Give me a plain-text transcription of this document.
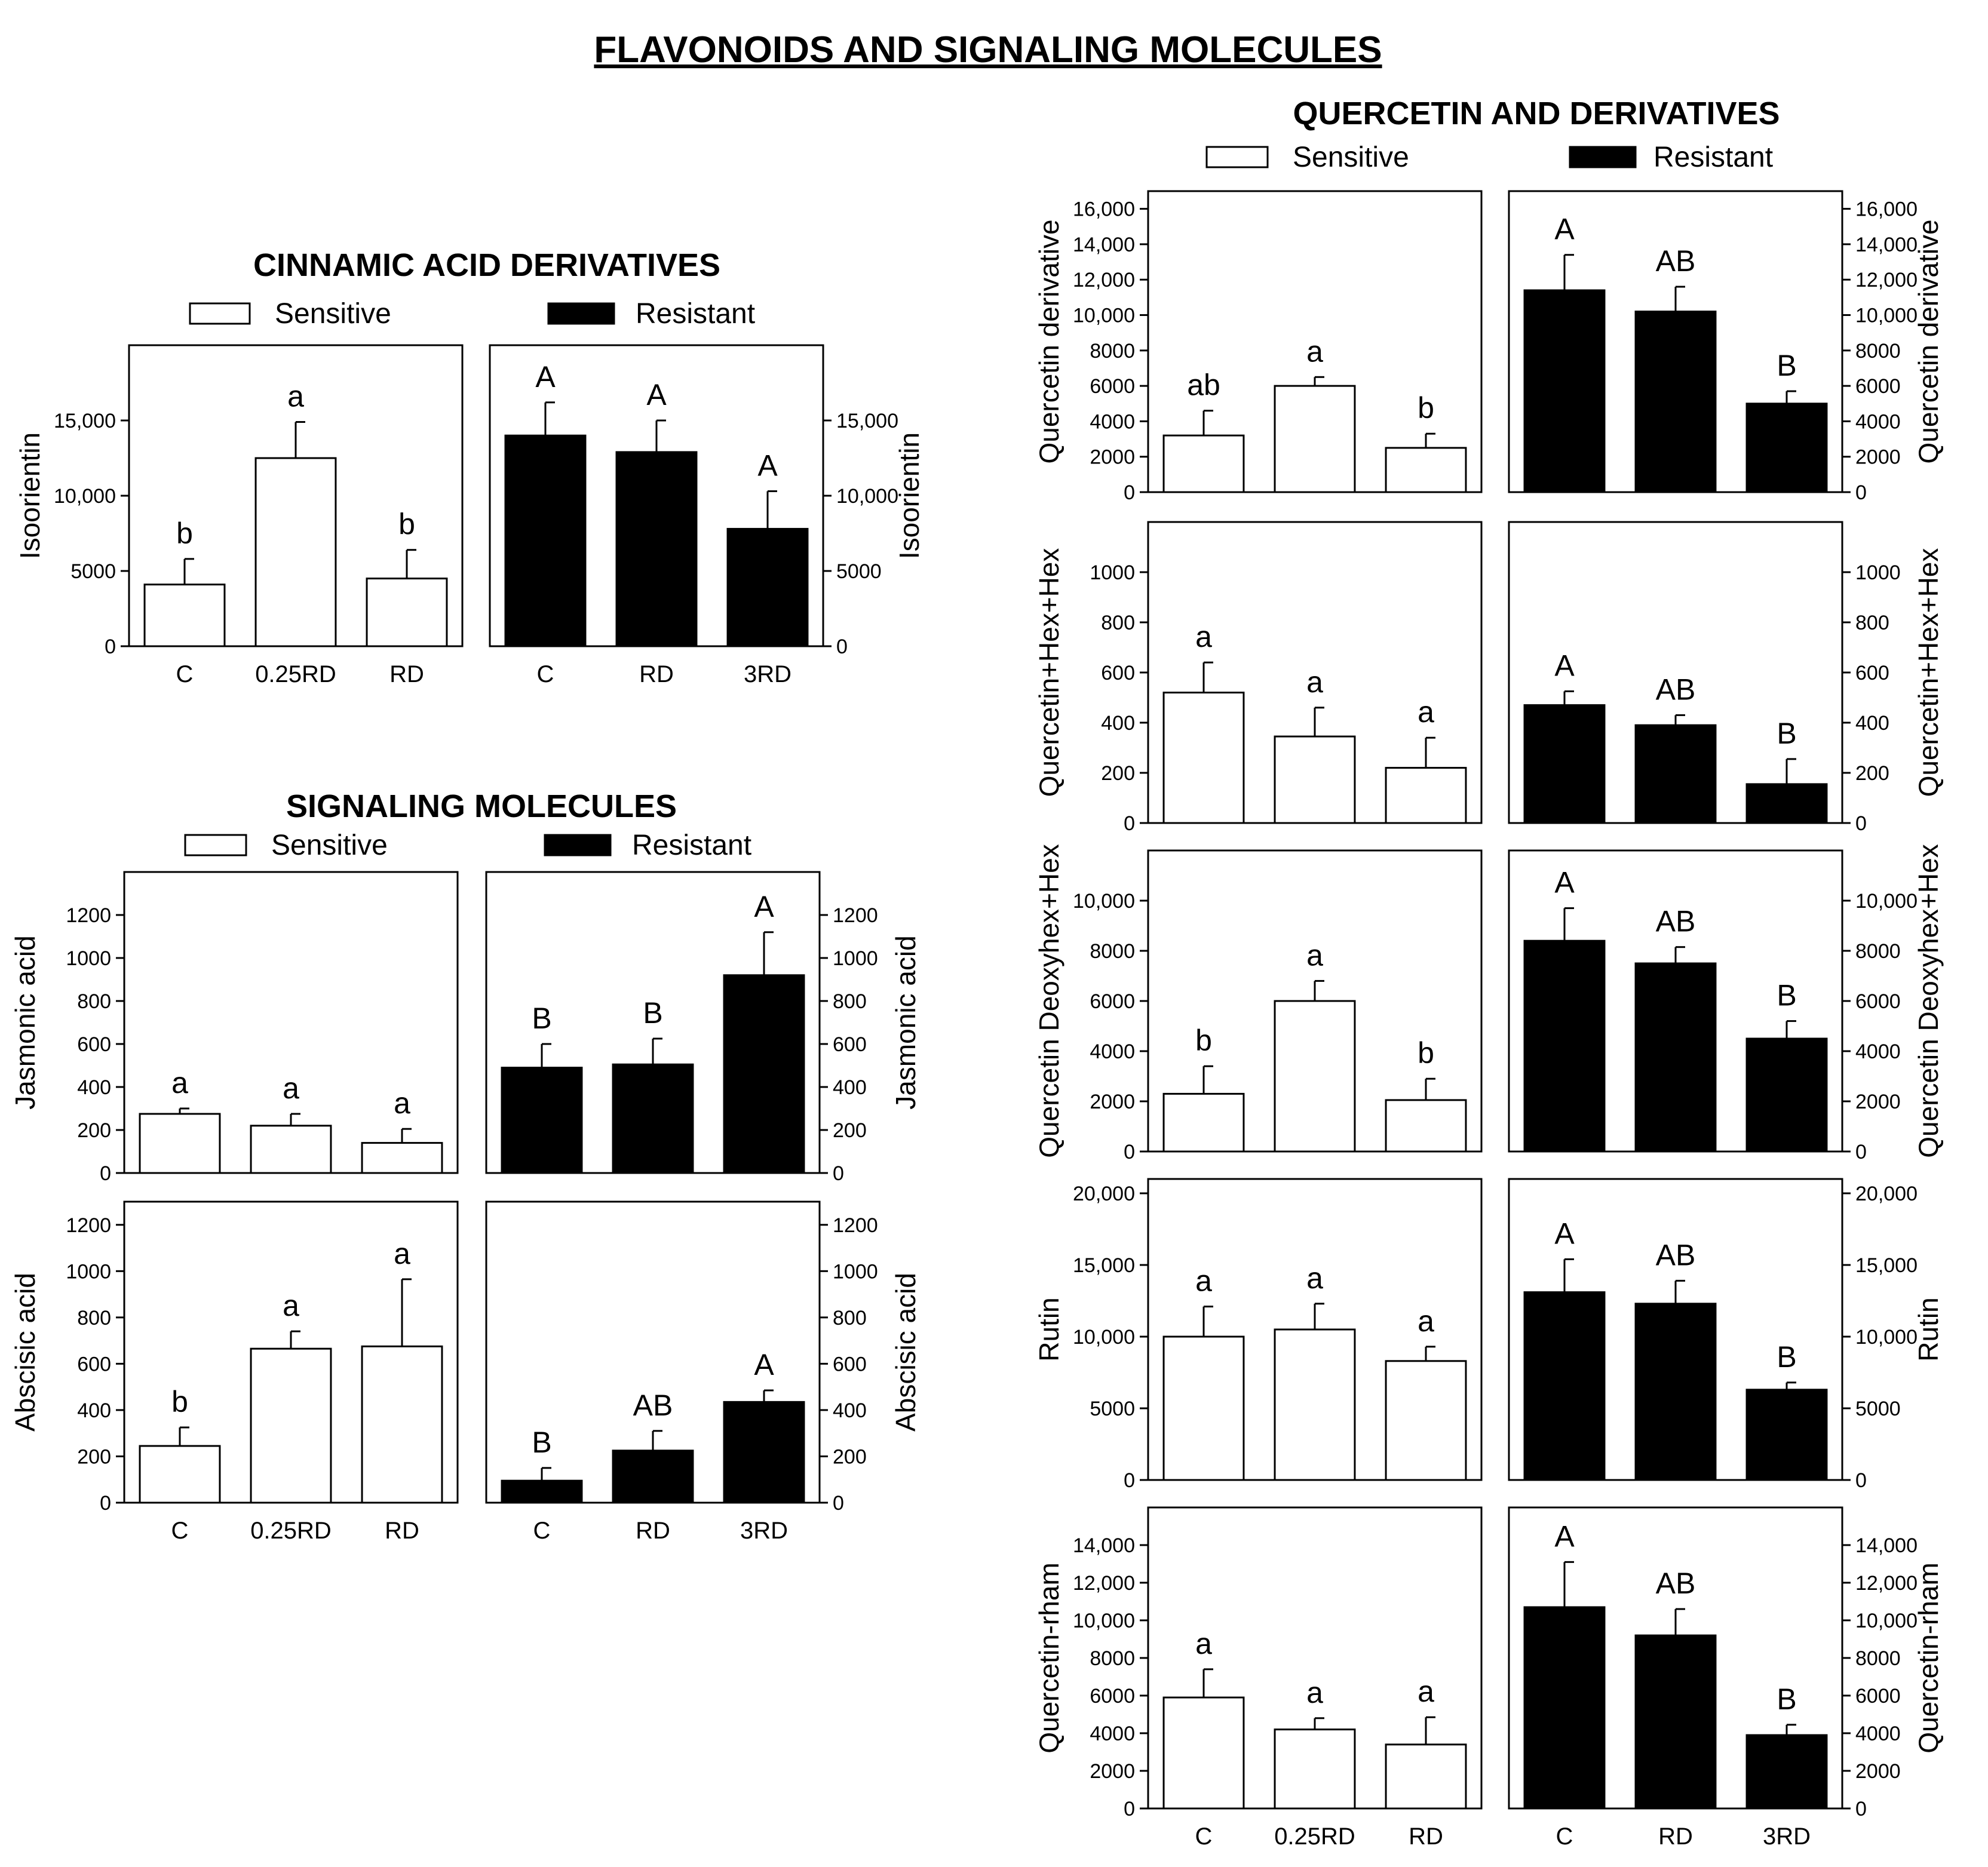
FLAVONOIDS AND SIGNALING MOLECULES
CINNAMIC ACID DERIVATIVES
SIGNALING MOLECULES
QUERCETIN AND DERIVATIVES
Sensitive	Resistant
Sensitive	Resistant
Sensitive	Resistant
0
5000
10,000
15,000
Isoorientin	b
C
a
0.25RD
b
RD
0
5000
10,000
15,000
Isoorientin
A
C
A
RD
A
3RD
0
200
400
600
800
1000
1200
Jasmonic acid	a	a	a
0
200
400
600
800
1000
1200
Jasmonic acid
B	B
A
0
200
400
600
800
1000
1200
Abscisic acid	b
C
a
0.25RD
a
RD
0
200
400
600
800
1000
1200
Abscisic acid
B
C
AB
RD
A
3RD
0
2000
4000
6000
8000
10,000
12,000
14,000
16,000
Quercetin derivative	ab
a
b
0
2000
4000
6000
8000
10,000
12,000
14,000
16,000
Quercetin derivative
A
AB
B
0
200
400
600
800
1000
Quercetin+Hex+Hex	a
a
a
0
200
400
600
800
1000 Quercetin+Hex+Hex
A
AB
B
0
2000
4000
6000
8000
10,000
Quercetin Deoxyhex+Hex	b
a
b
0
2000
4000
6000
8000
10,000
Quercetin Deoxyhex+Hex
A
AB
B
0
5000
10,000
15,000
20,000
Rutin
a	a
a
0
5000
10,000
15,000
20,000
Rutin
A
AB
B
0
2000
4000
6000
8000
10,000
12,000
14,000
Quercetin-rham	a
C
a
0.25RD
a
RD
0
2000
4000
6000
8000
10,000
12,000
14,000
Quercetin-rham
A
C
AB
RD
B
3RD
